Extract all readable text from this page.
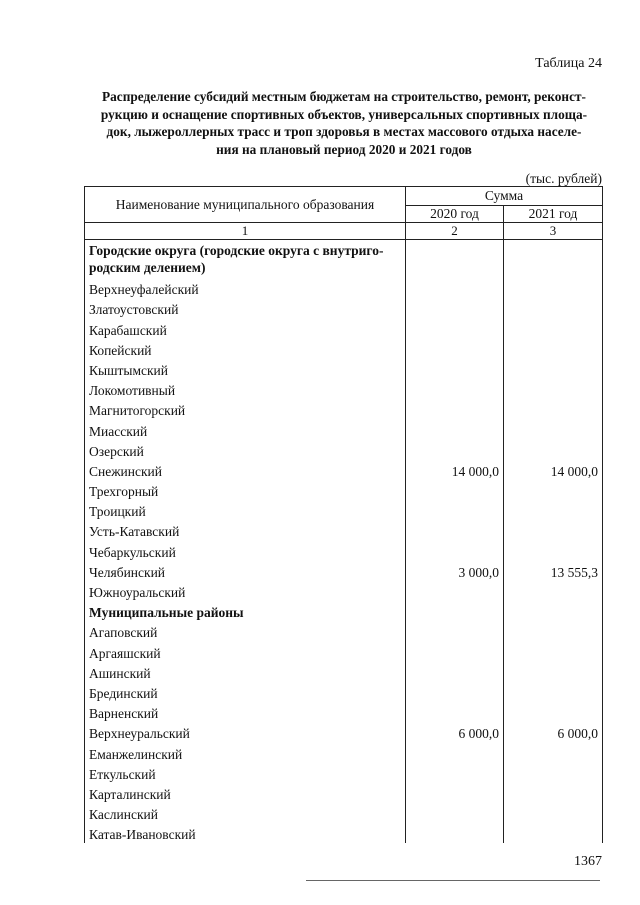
Таблица 24
Распределение субсидий местным бюджетам на строительство, ремонт, реконст-
рукцию и оснащение спортивных объектов, универсальных спортивных площа-
док, лыжероллерных трасс и троп здоровья в местах массового отдыха населе-
ния на плановый период 2020 и 2021 годов
(тыс. рублей)
Наименование муниципального образования	Сумма	
	2020 год	2021 год
1	2	3

Городские округа (городские округа с внутриго-
родским делением)		

Верхнеуфалейский		
Златоустовский		
Карабашский		
Копейский		
Кыштымский		
Локомотивный		
Магнитогорский		
Миасский		
Озерский		
Снежинский	14 000,0	14 000,0
Трехгорный		
Троицкий		
Усть-Катавский		
Чебаркульский		
Челябинский	3 000,0	13 555,3
Южноуральский		
Муниципальные районы		
Агаповский		
Аргаяшский		
Ашинский		
Брединский		
Варненский		
Верхнеуральский	6 000,0	6 000,0
Еманжелинский		
Еткульский		
Карталинский		
Каслинский		
Катав-Ивановский		
1367
